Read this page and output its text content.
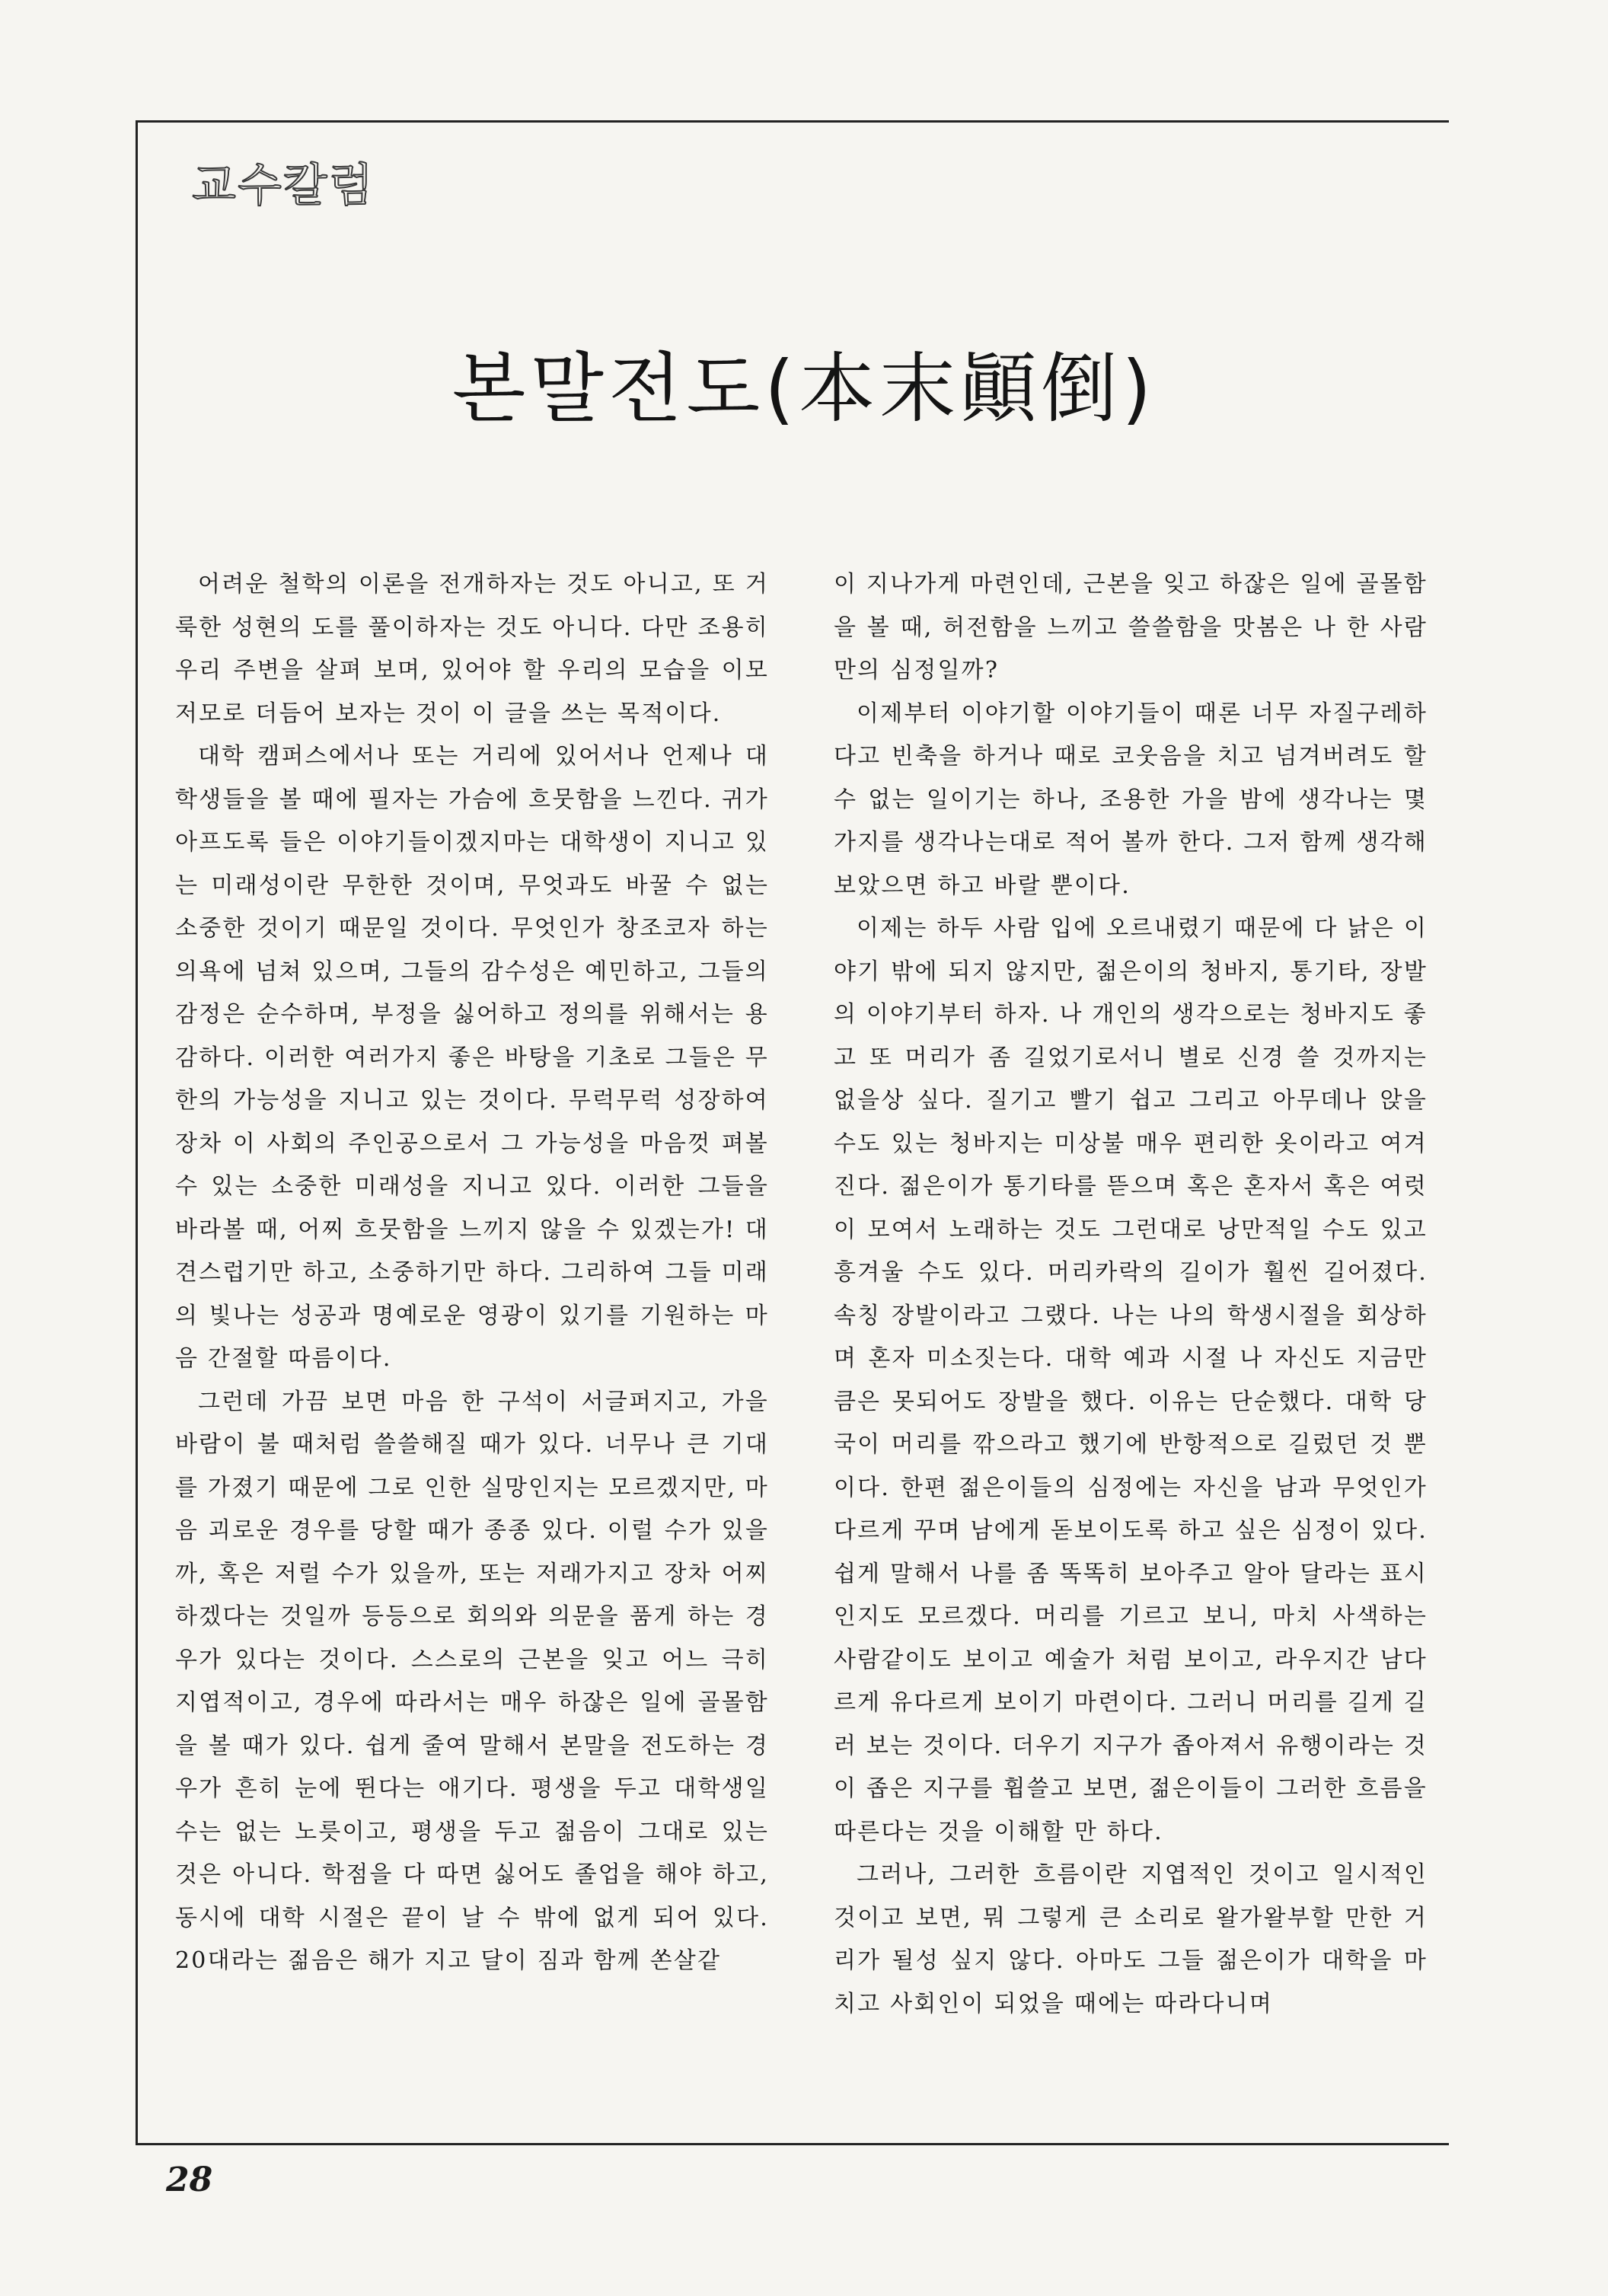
교수칼럼
본말전도(本末顚倒)

어려운 철학의 이론을 전개하자는 것도 아니고, 또 거룩한 성현의 도를 풀이하자는 것도 아니다. 다만 조용히 우리 주변을 살펴 보며, 있어야 할 우리의 모습을 이모 저모로 더듬어 보자는 것이 이 글을 쓰는 목적이다.

대학 캠퍼스에서나 또는 거리에 있어서나 언제나 대학생들을 볼 때에 필자는 가슴에 흐뭇함을 느낀다. 귀가 아프도록 들은 이야기들이겠지마는 대학생이 지니고 있는 미래성이란 무한한 것이며, 무엇과도 바꿀 수 없는 소중한 것이기 때문일 것이다. 무엇인가 창조코자 하는 의욕에 넘쳐 있으며, 그들의 감수성은 예민하고, 그들의 감정은 순수하며, 부정을 싫어하고 정의를 위해서는 용감하다. 이러한 여러가지 좋은 바탕을 기초로 그들은 무한의 가능성을 지니고 있는 것이다. 무럭무럭 성장하여 장차 이 사회의 주인공으로서 그 가능성을 마음껏 펴볼 수 있는 소중한 미래성을 지니고 있다. 이러한 그들을 바라볼 때, 어찌 흐뭇함을 느끼지 않을 수 있겠는가! 대견스럽기만 하고, 소중하기만 하다. 그리하여 그들 미래의 빛나는 성공과 명예로운 영광이 있기를 기원하는 마음 간절할 따름이다.

그런데 가끔 보면 마음 한 구석이 서글퍼지고, 가을 바람이 불 때처럼 쓸쓸해질 때가 있다. 너무나 큰 기대를 가졌기 때문에 그로 인한 실망인지는 모르겠지만, 마음 괴로운 경우를 당할 때가 종종 있다. 이럴 수가 있을까, 혹은 저럴 수가 있을까, 또는 저래가지고 장차 어찌 하겠다는 것일까 등등으로 회의와 의문을 품게 하는 경우가 있다는 것이다. 스스로의 근본을 잊고 어느 극히 지엽적이고, 경우에 따라서는 매우 하잖은 일에 골몰함을 볼 때가 있다. 쉽게 줄여 말해서 본말을 전도하는 경우가 흔히 눈에 뛴다는 애기다. 평생을 두고 대학생일 수는 없는 노릇이고, 평생을 두고 젊음이 그대로 있는 것은 아니다. 학점을 다 따면 싫어도 졸업을 해야 하고, 동시에 대학 시절은 끝이 날 수 밖에 없게 되어 있다. 20대라는 젊음은 해가 지고 달이 짐과 함께 쏜살같

이 지나가게 마련인데, 근본을 잊고 하잖은 일에 골몰함을 볼 때, 허전함을 느끼고 쓸쓸함을 맛봄은 나 한 사람만의 심정일까?

이제부터 이야기할 이야기들이 때론 너무 자질구레하다고 빈축을 하거나 때로 코웃음을 치고 넘겨버려도 할 수 없는 일이기는 하나, 조용한 가을 밤에 생각나는 몇가지를 생각나는대로 적어 볼까 한다. 그저 함께 생각해 보았으면 하고 바랄 뿐이다.

이제는 하두 사람 입에 오르내렸기 때문에 다 낡은 이야기 밖에 되지 않지만, 젊은이의 청바지, 통기타, 장발의 이야기부터 하자. 나 개인의 생각으로는 청바지도 좋고 또 머리가 좀 길었기로서니 별로 신경 쓸 것까지는 없을상 싶다. 질기고 빨기 쉽고 그리고 아무데나 앉을 수도 있는 청바지는 미상불 매우 편리한 옷이라고 여겨진다. 젊은이가 통기타를 뜯으며 혹은 혼자서 혹은 여럿이 모여서 노래하는 것도 그런대로 낭만적일 수도 있고 흥겨울 수도 있다. 머리카락의 길이가 훨씬 길어졌다. 속칭 장발이라고 그랬다. 나는 나의 학생시절을 회상하며 혼자 미소짓는다. 대학 예과 시절 나 자신도 지금만큼은 못되어도 장발을 했다. 이유는 단순했다. 대학 당국이 머리를 깎으라고 했기에 반항적으로 길렀던 것 뿐이다. 한편 젊은이들의 심정에는 자신을 남과 무엇인가 다르게 꾸며 남에게 돋보이도록 하고 싶은 심정이 있다. 쉽게 말해서 나를 좀 똑똑히 보아주고 알아 달라는 표시인지도 모르겠다. 머리를 기르고 보니, 마치 사색하는 사람같이도 보이고 예술가 처럼 보이고, 라우지간 남다르게 유다르게 보이기 마련이다. 그러니 머리를 길게 길러 보는 것이다. 더우기 지구가 좁아져서 유행이라는 것이 좁은 지구를 휩쓸고 보면, 젊은이들이 그러한 흐름을 따른다는 것을 이해할 만 하다.

그러나, 그러한 흐름이란 지엽적인 것이고 일시적인 것이고 보면, 뭐 그렇게 큰 소리로 왈가왈부할 만한 거리가 될성 싶지 않다. 아마도 그들 젊은이가 대학을 마치고 사회인이 되었을 때에는 따라다니며

28
